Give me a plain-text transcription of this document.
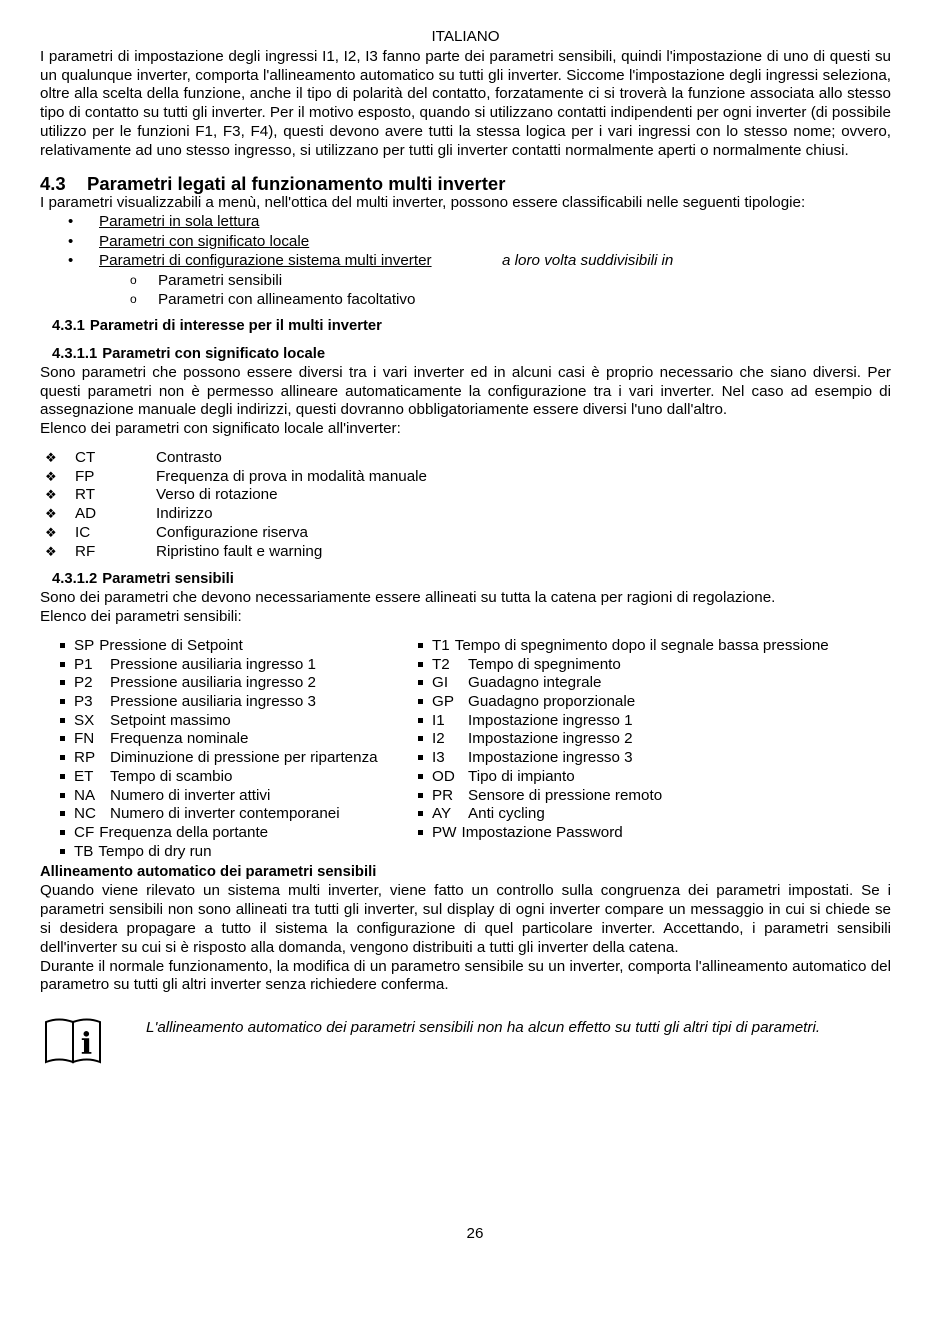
ITALIANO

I parametri di impostazione degli ingressi I1, I2, I3 fanno parte dei parametri sensibili, quindi l'impostazione di uno di questi su un qualunque inverter, comporta l'allineamento automatico su tutti gli inverter. Siccome l'impostazione degli ingressi seleziona, oltre alla scelta della funzione, anche il tipo di polarità del contatto, forzatamente ci si troverà la funzione associata allo stesso tipo di contatto su tutti gli inverter. Per il motivo esposto, quando si utilizzano contatti indipendenti per ogni inverter (di possibile utilizzo per le funzioni F1, F3, F4), questi devono avere tutti la stessa logica per i vari ingressi con lo stesso nome; ovvero, relativamente ad uno stesso ingresso, si utilizzano per tutti gli inverter contatti normalmente aperti o normalmente chiusi.

4.3 Parametri legati al funzionamento multi inverter

I parametri visualizzabili a menù, nell'ottica del multi inverter, possono essere classificabili nelle seguenti tipologie:

• Parametri in sola lettura
• Parametri con significato locale
• Parametri di configurazione sistema multi inverter	a loro volta suddivisibili in
o Parametri sensibili
o Parametri con allineamento facoltativo
4.3.1 Parametri di interesse per il multi inverter
4.3.1.1 Parametri con significato locale

Sono parametri che possono essere diversi tra i vari inverter ed in alcuni casi è proprio necessario che siano diversi. Per questi parametri non è permesso allineare automaticamente la configurazione tra i vari inverter. Nel caso ad esempio di assegnazione manuale degli indirizzi, questi dovranno obbligatoriamente essere diversi l'uno dall'altro.

Elenco dei parametri con significato locale all'inverter:

❖ CT	Contrasto
❖ FP	Frequenza di prova in modalità manuale
❖ RT	Verso di rotazione
❖ AD	Indirizzo
❖ IC	Configurazione riserva
❖ RF	Ripristino fault e warning
4.3.1.2 Parametri sensibili

Sono dei parametri che devono necessariamente essere allineati su tutta la catena per ragioni di regolazione.

Elenco dei parametri sensibili:

SP Pressione di Setpoint
P1 Pressione ausiliaria ingresso 1
P2 Pressione ausiliaria ingresso 2
P3 Pressione ausiliaria ingresso 3
SX Setpoint massimo
FN Frequenza nominale
RP Diminuzione di pressione per ripartenza
ET Tempo di scambio
NA Numero di inverter attivi
NC Numero di inverter contemporanei
CF Frequenza della portante
TB Tempo di dry run
T1 Tempo di spegnimento dopo il segnale bassa pressione
T2 Tempo di spegnimento
GI Guadagno integrale
GP Guadagno proporzionale
I1 Impostazione ingresso 1
I2 Impostazione ingresso 2
I3 Impostazione ingresso 3
OD Tipo di impianto
PR Sensore di pressione remoto
AY Anti cycling
PW Impostazione Password
Allineamento automatico dei parametri sensibili

Quando viene rilevato un sistema multi inverter, viene fatto un controllo sulla congruenza dei parametri impostati. Se i parametri sensibili non sono allineati tra tutti gli inverter, sul display di ogni inverter compare un messaggio in cui si chiede se si desidera propagare a tutto il sistema la configurazione di quel particolare inverter. Accettando, i parametri sensibili dell'inverter su cui si è risposto alla domanda, vengono distribuiti a tutti gli inverter della catena.

Durante il normale funzionamento, la modifica di un parametro sensibile su un inverter, comporta l'allineamento automatico del parametro su tutti gli altri inverter senza richiedere conferma.

i	L'allineamento automatico dei parametri sensibili non ha alcun effetto su tutti gli altri tipi di parametri.
26
